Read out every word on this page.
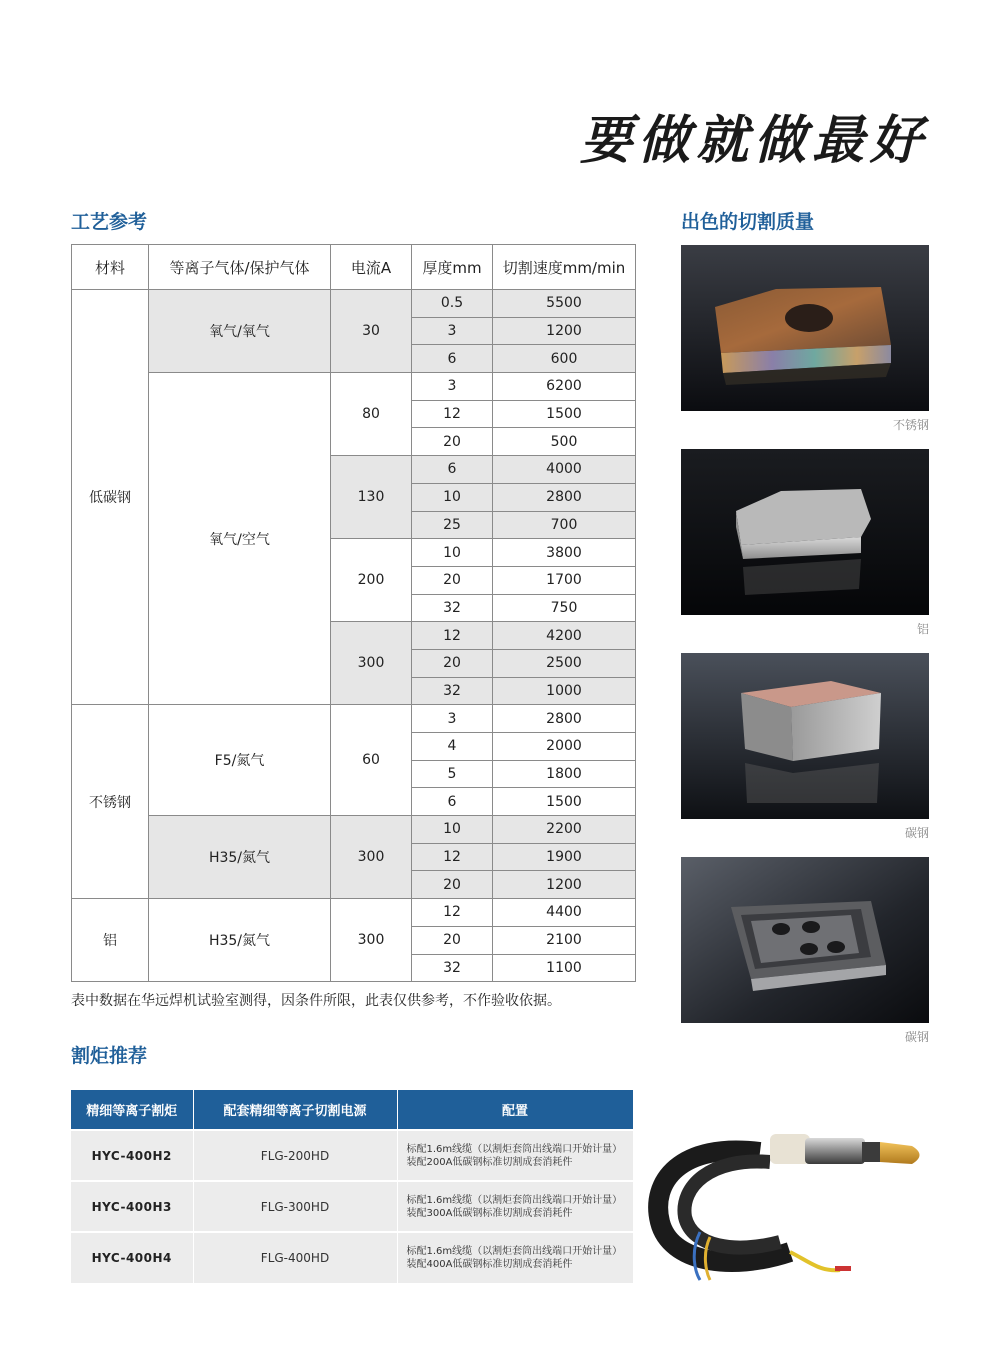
要做就做最好
工艺参考
材料	等离子气体/保护气体	电流A	厚度mm	切割速度mm/min
低碳钢	氧气/氧气	30	0.5	5500
			3	1200
			6	600
	氧气/空气	80	3	6200
			12	1500
			20	500
		130	6	4000
			10	2800
			25	700
		200	10	3800
			20	1700
			32	750
		300	12	4200
			20	2500
			32	1000
不锈钢	F5/氮气	60	3	2800
			4	2000
			5	1800
			6	1500
	H35/氮气	300	10	2200
			12	1900
			20	1200
铝	H35/氮气	300	12	4400
			20	2100
			32	1100
表中数据在华远焊机试验室测得，因条件所限，此表仅供参考，不作验收依据。
出色的切割质量
不锈钢
铝
碳钢
碳钢
割炬推荐
精细等离子割炬	配套精细等离子切割电源	配置
HYC-400H2	FLG-200HD	标配1.6m线缆（以割炬套筒出线端口开始计量）
装配200A低碳钢标准切割成套消耗件

HYC-400H3	FLG-300HD	标配1.6m线缆（以割炬套筒出线端口开始计量）
装配300A低碳钢标准切割成套消耗件

HYC-400H4	FLG-400HD	标配1.6m线缆（以割炬套筒出线端口开始计量）
装配400A低碳钢标准切割成套消耗件
